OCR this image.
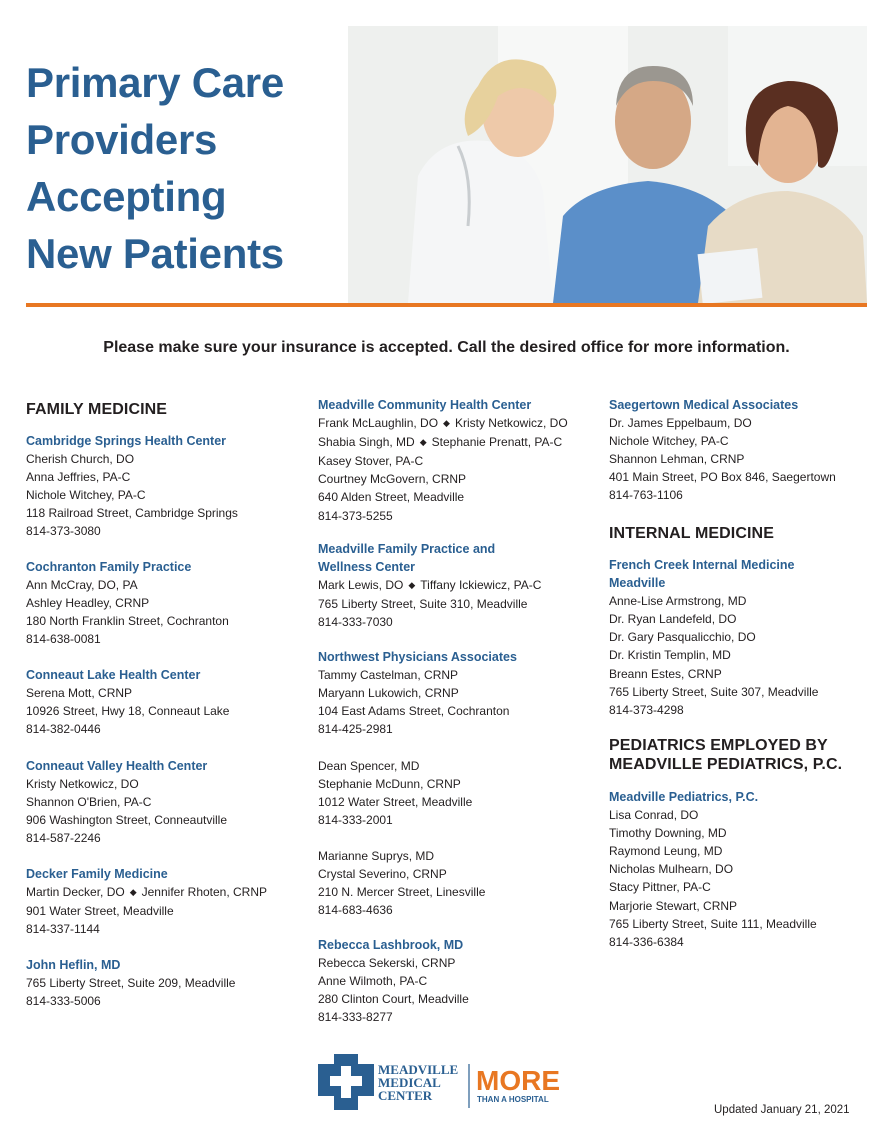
Primary Care
Providers
Accepting
New Patients

Please make sure your insurance is accepted. Call the desired office for more information.

FAMILY MEDICINE
Cambridge Springs Health Center
Cherish Church, DO
Anna Jeffries, PA-C
Nichole Witchey, PA-C
118 Railroad Street, Cambridge Springs
814-373-3080
Cochranton Family Practice
Ann McCray, DO, PA
Ashley Headley, CRNP
180 North Franklin Street, Cochranton
814-638-0081
Conneaut Lake Health Center
Serena Mott, CRNP
10926 Street, Hwy 18, Conneaut Lake
814-382-0446
Conneaut Valley Health Center
Kristy Netkowicz, DO
Shannon O'Brien, PA-C
906 Washington Street, Conneautville
814-587-2246
Decker Family Medicine
Martin Decker, DO ◆ Jennifer Rhoten, CRNP
901 Water Street, Meadville
814-337-1144
John Heflin, MD
765 Liberty Street, Suite 209, Meadville
814-333-5006
Meadville Community Health Center
Frank McLaughlin, DO ◆ Kristy Netkowicz, DO
Shabia Singh, MD ◆ Stephanie Prenatt, PA-C
Kasey Stover, PA-C
Courtney McGovern, CRNP
640 Alden Street, Meadville
814-373-5255
Meadville Family Practice and
Wellness Center
Mark Lewis, DO ◆ Tiffany Ickiewicz, PA-C
765 Liberty Street, Suite 310, Meadville
814-333-7030
Northwest Physicians Associates
Tammy Castelman, CRNP
Maryann Lukowich, CRNP
104 East Adams Street, Cochranton
814-425-2981
Dean Spencer, MD
Stephanie McDunn, CRNP
1012 Water Street, Meadville
814-333-2001
Marianne Suprys, MD
Crystal Severino, CRNP
210 N. Mercer Street, Linesville
814-683-4636
Rebecca Lashbrook, MD
Rebecca Sekerski, CRNP
Anne Wilmoth, PA-C
280 Clinton Court, Meadville
814-333-8277
Saegertown Medical Associates
Dr. James Eppelbaum, DO
Nichole Witchey, PA-C
Shannon Lehman, CRNP
401 Main Street, PO Box 846, Saegertown
814-763-1106
INTERNAL MEDICINE
French Creek Internal Medicine
Meadville
Anne-Lise Armstrong, MD
Dr. Ryan Landefeld, DO
Dr. Gary Pasqualicchio, DO
Dr. Kristin Templin, MD
Breann Estes, CRNP
765 Liberty Street, Suite 307, Meadville
814-373-4298
PEDIATRICS EMPLOYED BY
MEADVILLE PEDIATRICS, P.C.
Meadville Pediatrics, P.C.
Lisa Conrad, DO
Timothy Downing, MD
Raymond Leung, MD
Nicholas Mulhearn, DO
Stacy Pittner, PA-C
Marjorie Stewart, CRNP
765 Liberty Street, Suite 111, Meadville
814-336-6384
MEADVILLE
MEDICAL
CENTER MORE
THAN A HOSPITAL
Updated January 21, 2021
